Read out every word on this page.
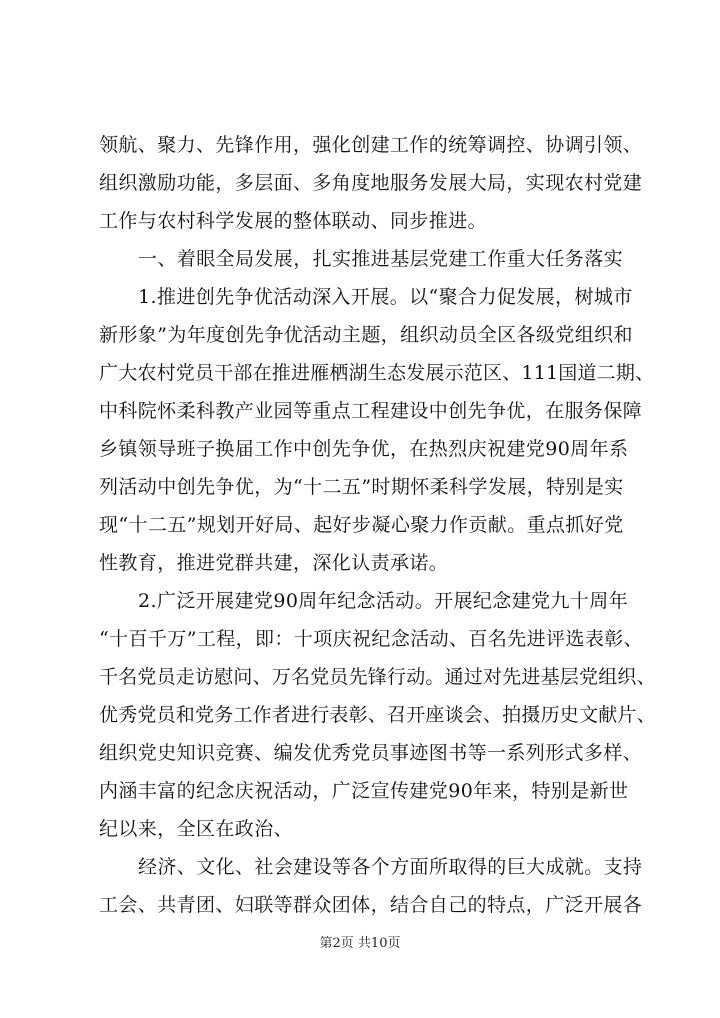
领航、聚力、先锋作用，强化创建工作的统筹调控、协调引领、
组织激励功能，多层面、多角度地服务发展大局，实现农村党建
工作与农村科学发展的整体联动、同步推进。
一、着眼全局发展，扎实推进基层党建工作重大任务落实
1.推进创先争优活动深入开展。以“聚合力促发展，树城市
新形象”为年度创先争优活动主题，组织动员全区各级党组织和
广大农村党员干部在推进雁栖湖生态发展示范区、111国道二期、
中科院怀柔科教产业园等重点工程建设中创先争优，在服务保障
乡镇领导班子换届工作中创先争优，在热烈庆祝建党90周年系
列活动中创先争优，为“十二五”时期怀柔科学发展，特别是实
现“十二五”规划开好局、起好步凝心聚力作贡献。重点抓好党
性教育，推进党群共建，深化认责承诺。
2.广泛开展建党90周年纪念活动。开展纪念建党九十周年
“十百千万”工程，即：十项庆祝纪念活动、百名先进评选表彰、
千名党员走访慰问、万名党员先锋行动。通过对先进基层党组织、
优秀党员和党务工作者进行表彰、召开座谈会、拍摄历史文献片、
组织党史知识竞赛、编发优秀党员事迹图书等一系列形式多样、
内涵丰富的纪念庆祝活动，广泛宣传建党90年来，特别是新世
纪以来，全区在政治、
经济、文化、社会建设等各个方面所取得的巨大成就。支持
工会、共青团、妇联等群众团体，结合自己的特点，广泛开展各
第2页 共10页
